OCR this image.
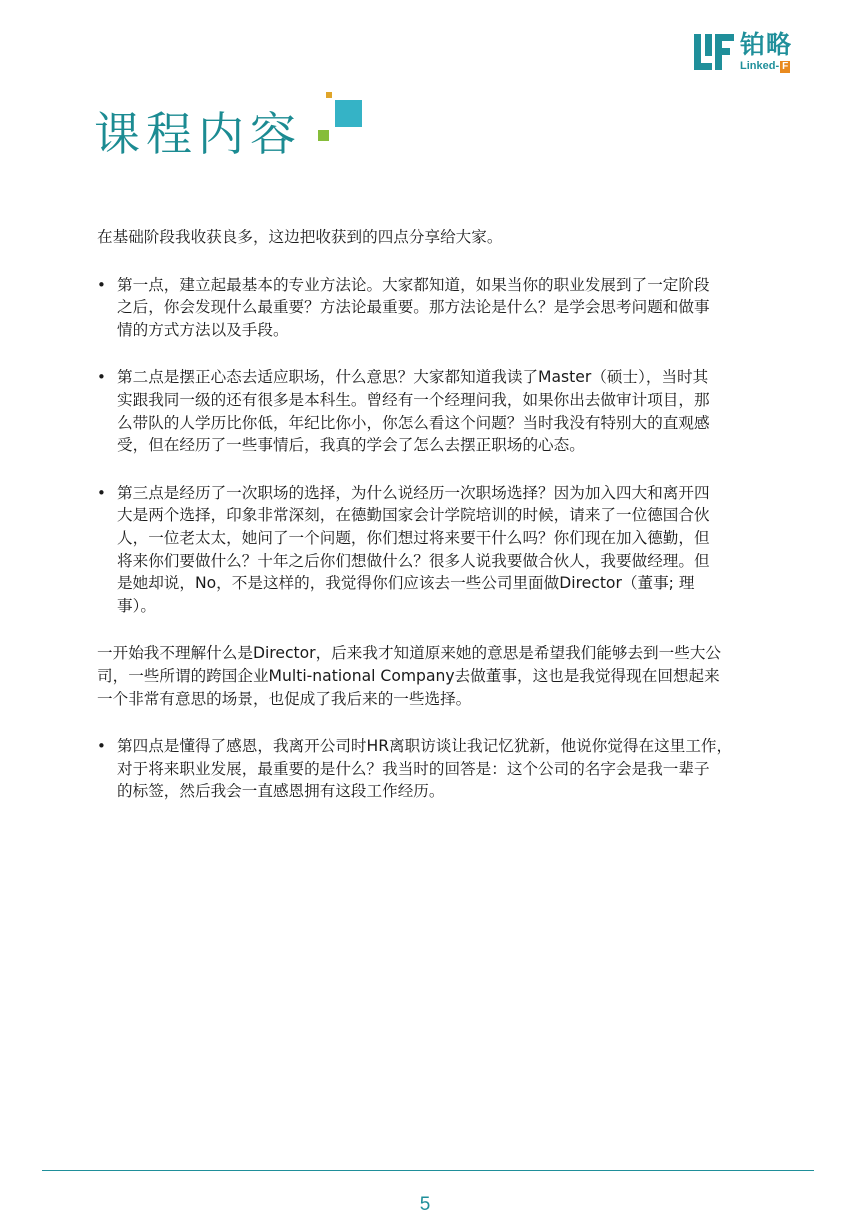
铂略
Linked- F
课程内容

在基础阶段我收获良多，这边把收获到的四点分享给大家。

• 第一点，建立起最基本的专业方法论。大家都知道，如果当你的职业发展到了一定阶段
之后，你会发现什么最重要？方法论最重要。那方法论是什么？是学会思考问题和做事
情的方式方法以及手段。
• 第二点是摆正心态去适应职场，什么意思？大家都知道我读了Master（硕士），当时其
实跟我同一级的还有很多是本科生。曾经有一个经理问我，如果你出去做审计项目，那
么带队的人学历比你低，年纪比你小，你怎么看这个问题？当时我没有特别大的直观感
受，但在经历了一些事情后，我真的学会了怎么去摆正职场的心态。
• 第三点是经历了一次职场的选择，为什么说经历一次职场选择？因为加入四大和离开四
大是两个选择，印象非常深刻，在德勤国家会计学院培训的时候，请来了一位德国合伙
人，一位老太太，她问了一个问题，你们想过将来要干什么吗？你们现在加入德勤，但
将来你们要做什么？十年之后你们想做什么？很多人说我要做合伙人，我要做经理。但
是她却说，No，不是这样的，我觉得你们应该去一些公司里面做Director（董事; 理
事）。

一开始我不理解什么是Director，后来我才知道原来她的意思是希望我们能够去到一些大公
司，一些所谓的跨国企业Multi-national Company去做董事，这也是我觉得现在回想起来
一个非常有意思的场景，也促成了我后来的一些选择。

• 第四点是懂得了感恩，我离开公司时HR离职访谈让我记忆犹新，他说你觉得在这里工作，
对于将来职业发展，最重要的是什么？我当时的回答是：这个公司的名字会是我一辈子
的标签，然后我会一直感恩拥有这段工作经历。
5
